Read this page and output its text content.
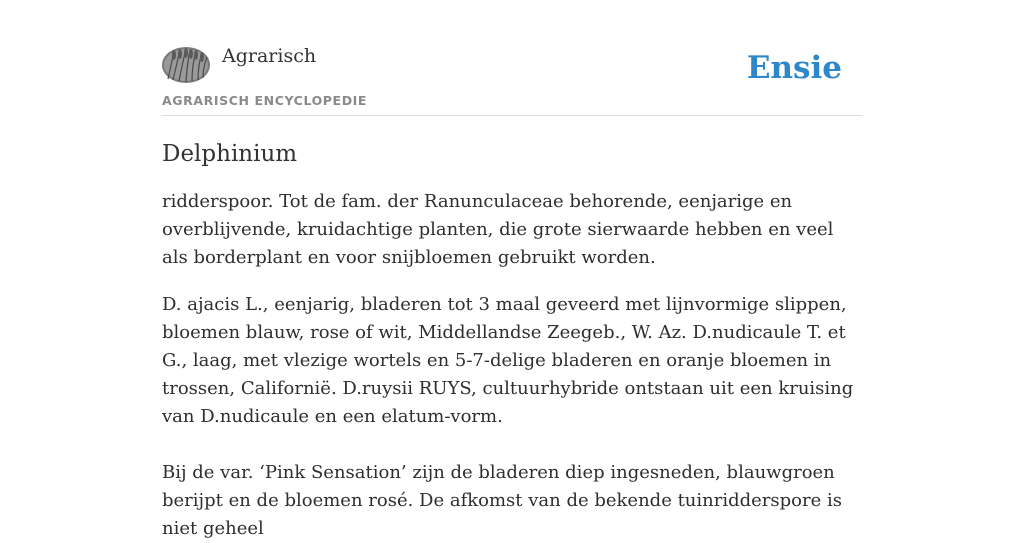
Agrarisch
AGRARISCH ENCYCLOPEDIE
Ensie
Delphinium

ridderspoor. Tot de fam. der Ranunculaceae behorende, eenjarige en overblijvende, kruidachtige planten, die grote sierwaarde hebben en veel als borderplant en voor snijbloemen gebruikt worden.

D. ajacis L., eenjarig, bladeren tot 3 maal geveerd met lijnvormige slippen, bloemen blauw, rose of wit, Middellandse Zeegeb., W. Az. D.nudicaule T. et G., laag, met vlezige wortels en 5-7-delige bladeren en oranje bloemen in trossen, Californië. D.ruysii RUYS, cultuurhybride ontstaan uit een kruising van D.nudicaule en een elatum-vorm.

Bij de var. ‘Pink Sensation’ zijn de bladeren diep ingesneden, blauwgroen berijpt en de bloemen rosé. De afkomst van de bekende tuinridderspore is niet geheel
